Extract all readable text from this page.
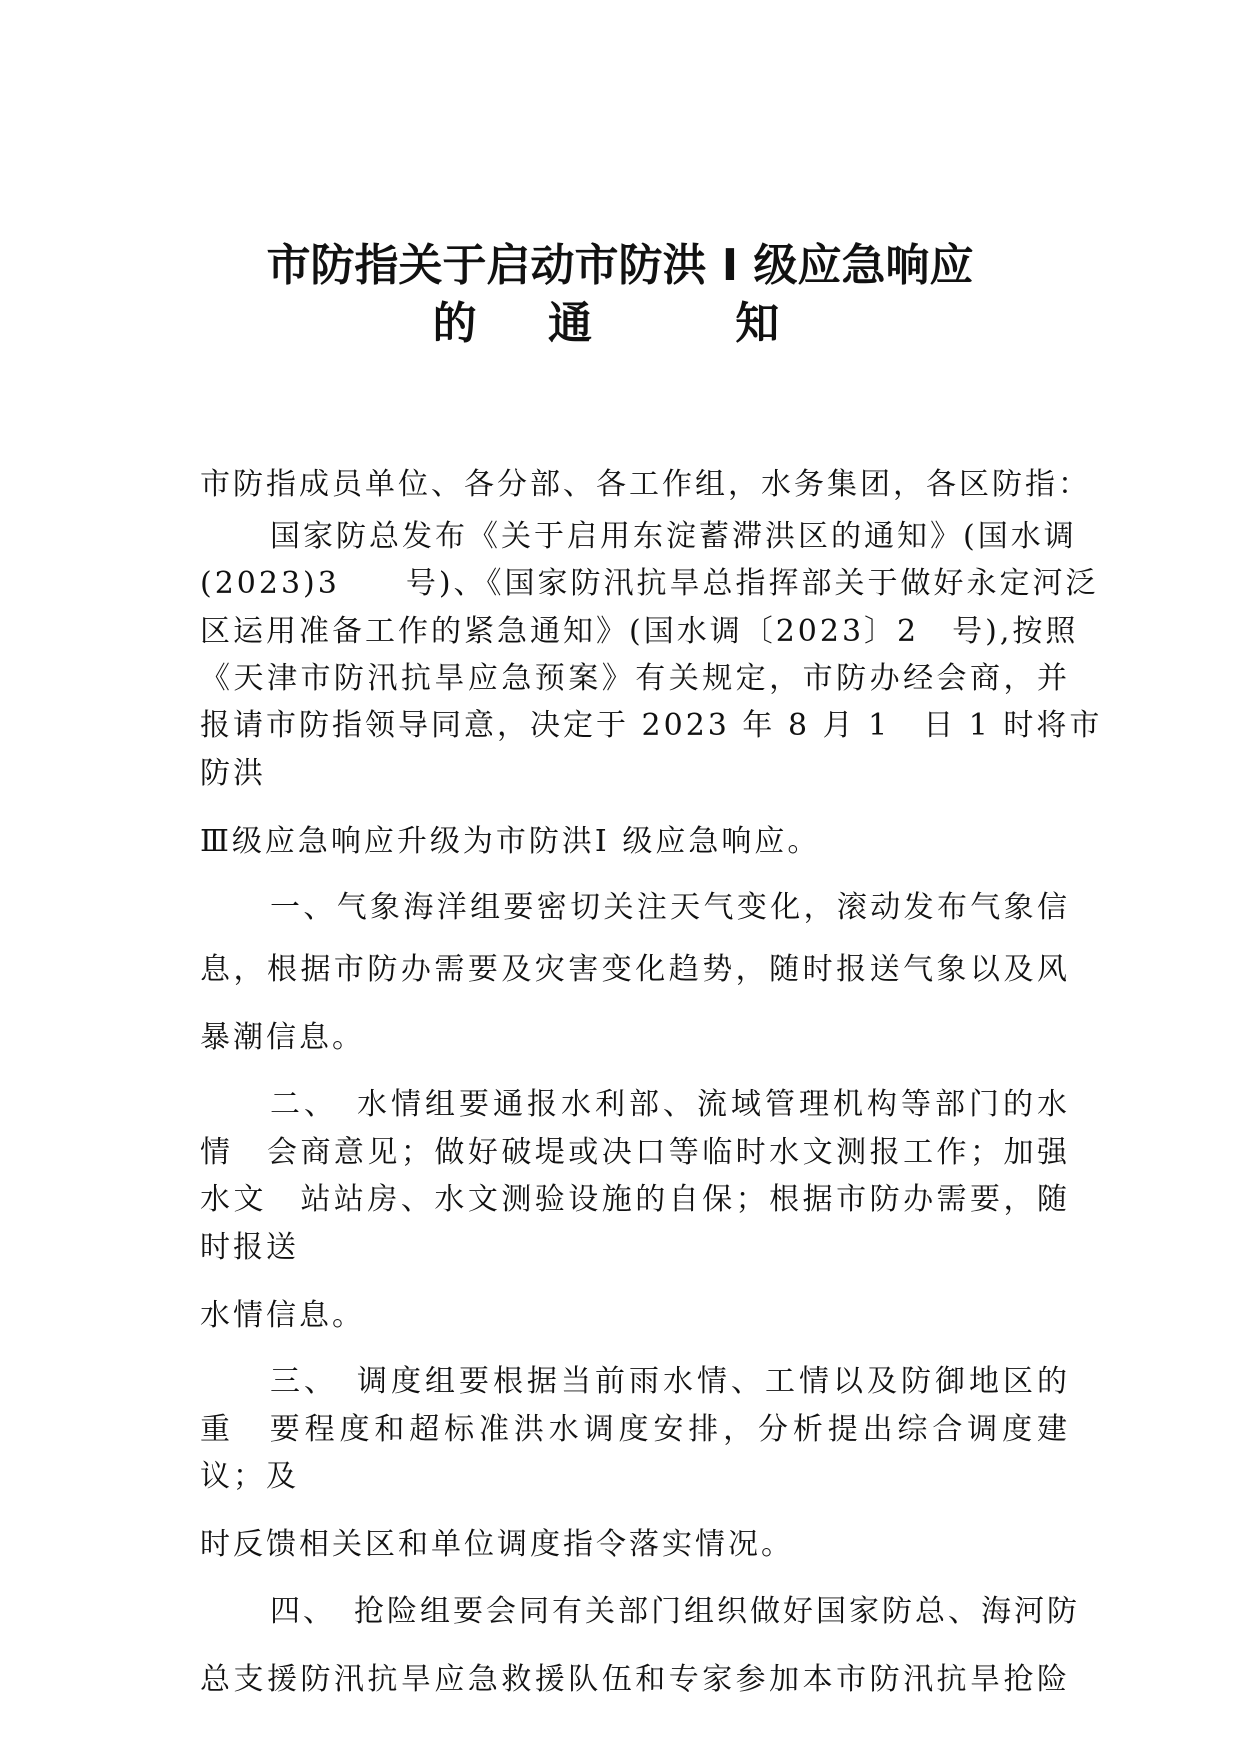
市防指关于启动市防洪 I 级应急响应
的 通　 知
市防指成员单位、各分部、各工作组，水务集团，各区防指：
国家防总发布《关于启用东淀蓄滞洪区的通知》(国水调
(2023)3　　号)、《国家防汛抗旱总指挥部关于做好永定河泛
区运用准备工作的紧急通知》(国水调〔2023〕2　号),按照
《天津市防汛抗旱应急预案》有关规定，市防办经会商，并
报请市防指领导同意，决定于 2023 年 8 月 1　日 1 时将市
防洪
Ⅲ级应急响应升级为市防洪Ⅰ 级应急响应。
一、气象海洋组要密切关注天气变化，滚动发布气象信
息，根据市防办需要及灾害变化趋势，随时报送气象以及风
暴潮信息。
二、　水情组要通报水利部、流域管理机构等部门的水
情　会商意见；做好破堤或决口等临时水文测报工作；加强
水文　站站房、水文测验设施的自保；根据市防办需要，随
时报送
水情信息。
三、　调度组要根据当前雨水情、工情以及防御地区的
重　要程度和超标准洪水调度安排，分析提出综合调度建
议；及
时反馈相关区和单位调度指令落实情况。
四、　抢险组要会同有关部门组织做好国家防总、海河防
总支援防汛抗旱应急救援队伍和专家参加本市防汛抗旱抢险
